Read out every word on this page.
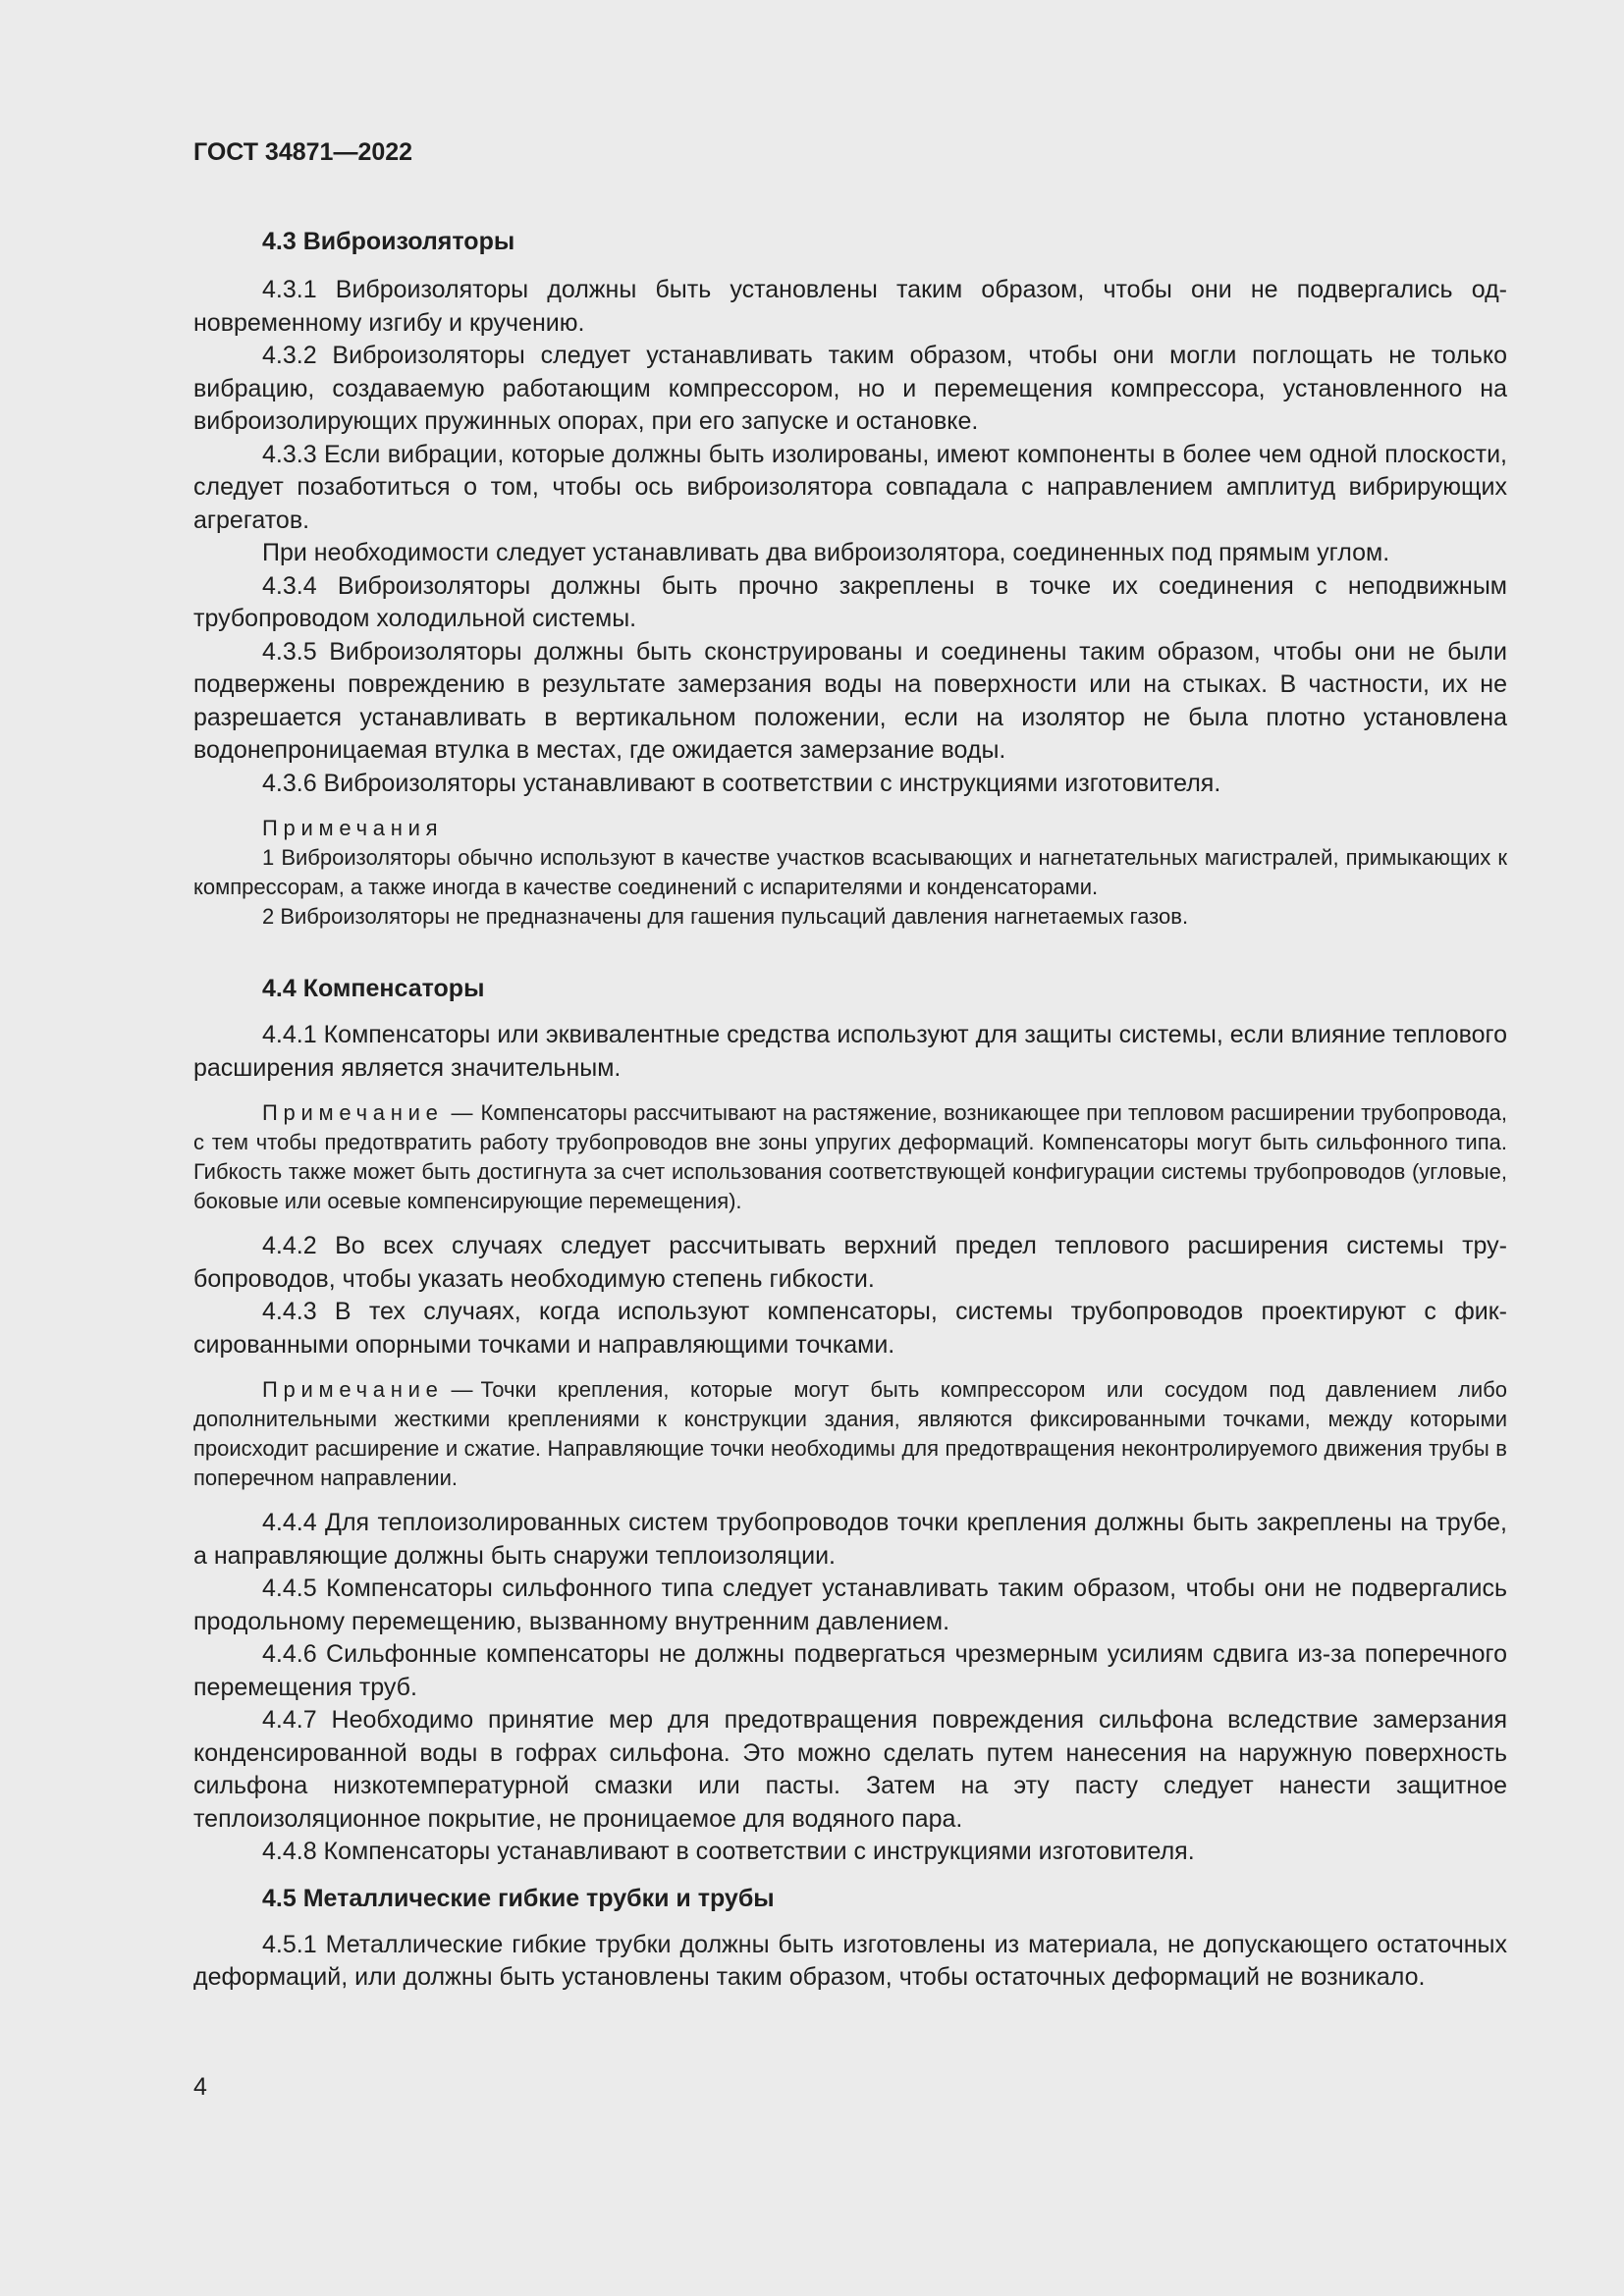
ГОСТ 34871—2022

4.3 Виброизоляторы

4.3.1 Виброизоляторы должны быть установлены таким образом, чтобы они не подвергались одновременному изгибу и кручению.

4.3.2 Виброизоляторы следует устанавливать таким образом, чтобы они могли поглощать не только вибрацию, создаваемую работающим компрессором, но и перемещения компрессора, установленного на виброизолирующих пружинных опорах, при его запуске и остановке.

4.3.3 Если вибрации, которые должны быть изолированы, имеют компоненты в более чем одной плоскости, следует позаботиться о том, чтобы ось виброизолятора совпадала с направлением амплитуд вибрирующих агрегатов.

При необходимости следует устанавливать два виброизолятора, соединенных под прямым углом.

4.3.4 Виброизоляторы должны быть прочно закреплены в точке их соединения с неподвижным трубопроводом холодильной системы.

4.3.5 Виброизоляторы должны быть сконструированы и соединены таким образом, чтобы они не были подвержены повреждению в результате замерзания воды на поверхности или на стыках. В частности, их не разрешается устанавливать в вертикальном положении, если на изолятор не была плотно установлена водонепроницаемая втулка в местах, где ожидается замерзание воды.

4.3.6 Виброизоляторы устанавливают в соответствии с инструкциями изготовителя.

Примечания

1 Виброизоляторы обычно используют в качестве участков всасывающих и нагнетательных магистралей, примыкающих к компрессорам, а также иногда в качестве соединений с испарителями и конденсаторами.

2 Виброизоляторы не предназначены для гашения пульсаций давления нагнетаемых газов.

4.4 Компенсаторы

4.4.1 Компенсаторы или эквивалентные средства используют для защиты системы, если влияние теплового расширения является значительным.

Примечание — Компенсаторы рассчитывают на растяжение, возникающее при тепловом расширении трубопровода, с тем чтобы предотвратить работу трубопроводов вне зоны упругих деформаций. Компенсаторы могут быть сильфонного типа. Гибкость также может быть достигнута за счет использования соответствующей конфигурации системы трубопроводов (угловые, боковые или осевые компенсирующие перемещения).

4.4.2 Во всех случаях следует рассчитывать верхний предел теплового расширения системы трубопроводов, чтобы указать необходимую степень гибкости.

4.4.3 В тех случаях, когда используют компенсаторы, системы трубопроводов проектируют с фиксированными опорными точками и направляющими точками.

Примечание — Точки крепления, которые могут быть компрессором или сосудом под давлением либо дополнительными жесткими креплениями к конструкции здания, являются фиксированными точками, между которыми происходит расширение и сжатие. Направляющие точки необходимы для предотвращения неконтролируемого движения трубы в поперечном направлении.

4.4.4 Для теплоизолированных систем трубопроводов точки крепления должны быть закреплены на трубе, а направляющие должны быть снаружи теплоизоляции.

4.4.5 Компенсаторы сильфонного типа следует устанавливать таким образом, чтобы они не подвергались продольному перемещению, вызванному внутренним давлением.

4.4.6 Сильфонные компенсаторы не должны подвергаться чрезмерным усилиям сдвига из-за поперечного перемещения труб.

4.4.7 Необходимо принятие мер для предотвращения повреждения сильфона вследствие замерзания конденсированной воды в гофрах сильфона. Это можно сделать путем нанесения на наружную поверхность сильфона низкотемпературной смазки или пасты. Затем на эту пасту следует нанести защитное теплоизоляционное покрытие, не проницаемое для водяного пара.

4.4.8 Компенсаторы устанавливают в соответствии с инструкциями изготовителя.

4.5 Металлические гибкие трубки и трубы

4.5.1 Металлические гибкие трубки должны быть изготовлены из материала, не допускающего остаточных деформаций, или должны быть установлены таким образом, чтобы остаточных деформаций не возникало.

4
